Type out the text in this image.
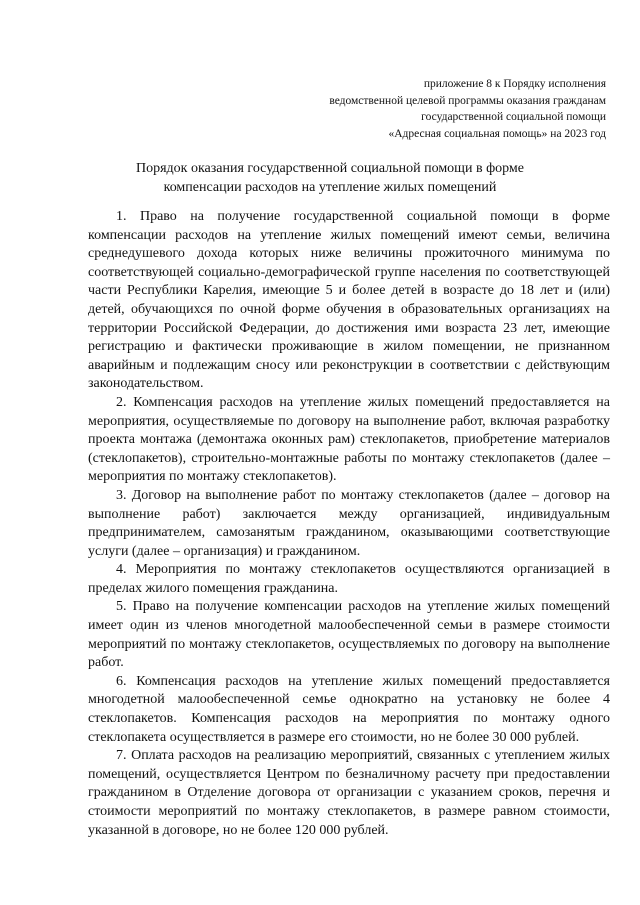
приложение 8 к Порядку исполнения
ведомственной целевой программы оказания гражданам
государственной социальной помощи
«Адресная социальная помощь» на 2023 год
Порядок оказания государственной социальной помощи в форме
компенсации расходов на утепление жилых помещений

1. Право на получение государственной социальной помощи в форме компенсации расходов на утепление жилых помещений имеют семьи, величина среднедушевого дохода которых ниже величины прожиточного минимума по соответствующей социально-демографической группе населения по соответствующей части Республики Карелия, имеющие 5 и более детей в возрасте до 18 лет и (или) детей, обучающихся по очной форме обучения в образовательных организациях на территории Российской Федерации, до достижения ими возраста 23 лет, имеющие регистрацию и фактически проживающие в жилом помещении, не признанном аварийным и подлежащим сносу или реконструкции в соответствии с действующим законодательством.

2. Компенсация расходов на утепление жилых помещений предоставляется на мероприятия, осуществляемые по договору на выполнение работ, включая разработку проекта монтажа (демонтажа оконных рам) стеклопакетов, приобретение материалов (стеклопакетов), строительно-монтажные работы по монтажу стеклопакетов (далее – мероприятия по монтажу стеклопакетов).

3. Договор на выполнение работ по монтажу стеклопакетов (далее – договор на выполнение работ) заключается между организацией, индивидуальным предпринимателем, самозанятым гражданином, оказывающими соответствующие услуги (далее – организация) и гражданином.

4. Мероприятия по монтажу стеклопакетов осуществляются организацией в пределах жилого помещения гражданина.

5. Право на получение компенсации расходов на утепление жилых помещений имеет один из членов многодетной малообеспеченной семьи в размере стоимости мероприятий по монтажу стеклопакетов, осуществляемых по договору на выполнение работ.

6. Компенсация расходов на утепление жилых помещений предоставляется многодетной малообеспеченной семье однократно на установку не более 4 стеклопакетов. Компенсация расходов на мероприятия по монтажу одного стеклопакета осуществляется в размере его стоимости, но не более 30 000 рублей.

7. Оплата расходов на реализацию мероприятий, связанных с утеплением жилых помещений, осуществляется Центром по безналичному расчету при предоставлении гражданином в Отделение договора от организации с указанием сроков, перечня и стоимости мероприятий по монтажу стеклопакетов, в размере равном стоимости, указанной в договоре, но не более 120 000 рублей.
